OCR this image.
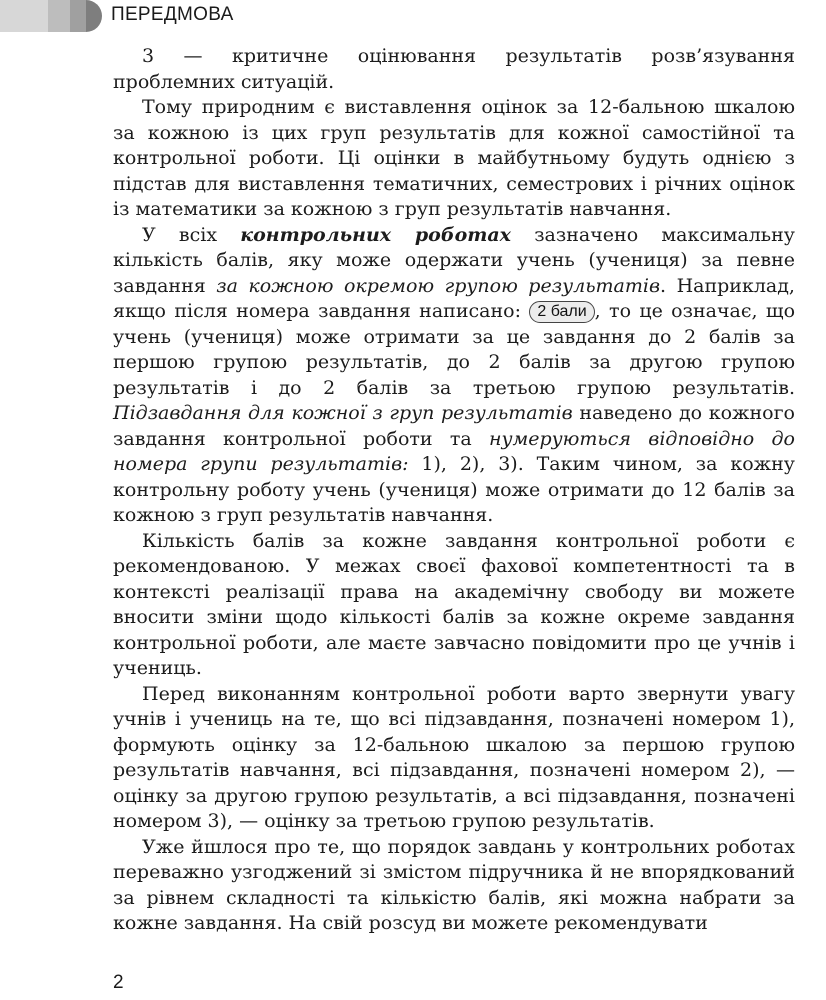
ПЕРЕДМОВА

3 — критичне оцінювання результатів розв’язування проблемних ситуацій.

Тому природним є виставлення оцінок за 12-бальною шкалою за кожною із цих груп результатів для кожної самостійної та контрольної роботи. Ці оцінки в майбутньому будуть однією з підстав для виставлення тематичних, семестрових і річних оцінок із математики за кожною з груп результатів навчання.

У всіх контрольних роботах зазначено максимальну кількість балів, яку може одержати учень (учениця) за певне завдання за кожною окремою групою результатів. Наприклад, якщо після номера завдання написано: 2 бали , то це означає, що учень (учениця) може отримати за це завдання до 2 балів за першою групою результатів, до 2 балів за другою групою результатів і до 2 балів за третьою групою результатів. Підзавдання для кожної з груп результатів наведено до кожного завдання контрольної роботи та нумеруються відповідно до номера групи результатів: 1), 2), 3). Таким чином, за кожну контрольну роботу учень (учениця) може отримати до 12 балів за кожною з груп результатів навчання.

Кількість балів за кожне завдання контрольної роботи є рекомендованою. У межах своєї фахової компетентності та в контексті реалізації права на академічну свободу ви можете вносити зміни щодо кількості балів за кожне окреме завдання контрольної роботи, але маєте завчасно повідомити про це учнів і учениць.

Перед виконанням контрольної роботи варто звернути увагу учнів і учениць на те, що всі підзавдання, позначені номером 1), формують оцінку за 12-бальною шкалою за першою групою результатів навчання, всі підзавдання, позначені номером 2), — оцінку за другою групою результатів, а всі підзавдання, позначені номером 3), — оцінку за третьою групою результатів.

Уже йшлося про те, що порядок завдань у контрольних роботах переважно узгоджений зі змістом підручника й не впорядкований за рівнем складності та кількістю балів, які можна набрати за кожне завдання. На свій розсуд ви можете рекомендувати

2
